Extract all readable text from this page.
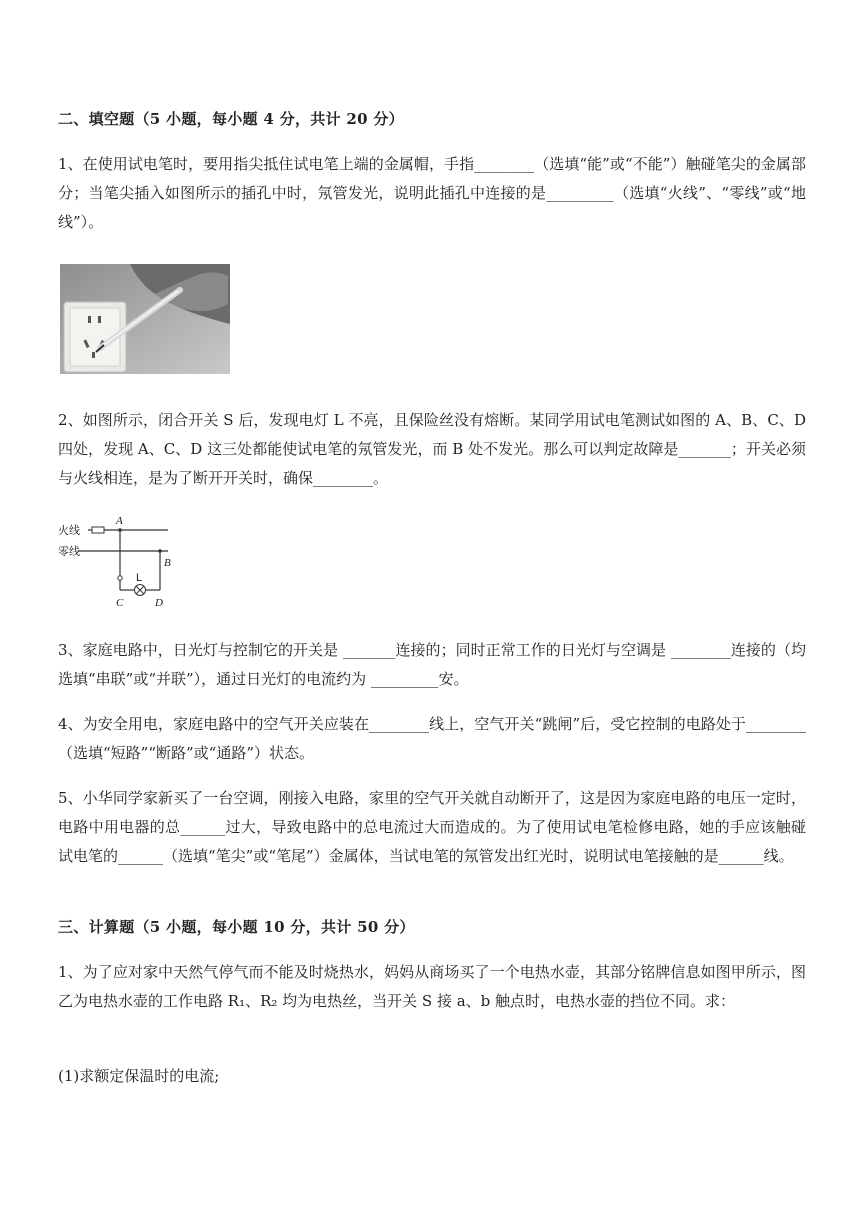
二、填空题（5 小题，每小题 4 分，共计 20 分）
1、在使用试电笔时，要用指尖抵住试电笔上端的金属帽，手指________（选填“能”或“不能”）触碰笔尖的金属部分；当笔尖插入如图所示的插孔中时，氖管发光，说明此插孔中连接的是_________（选填“火线”、“零线”或“地线”）。
2、如图所示，闭合开关 S 后，发现电灯 L 不亮，且保险丝没有熔断。某同学用试电笔测试如图的 A、B、C、D 四处，发现 A、C、D 这三处都能使试电笔的氖管发光，而 B 处不发光。那么可以判定故障是_______；开关必须与火线相连，是为了断开开关时，确保________。
火线
零线
A
B
C	D
L
3、家庭电路中，日光灯与控制它的开关是 _______连接的；同时正常工作的日光灯与空调是 ________连接的（均选填“串联”或“并联”），通过日光灯的电流约为 _________安。
4、为安全用电，家庭电路中的空气开关应装在________线上，空气开关“跳闸”后，受它控制的电路处于________（选填“短路”“断路”或“通路”）状态。
5、小华同学家新买了一台空调，刚接入电路，家里的空气开关就自动断开了，这是因为家庭电路的电压一定时，电路中用电器的总______过大，导致电路中的总电流过大而造成的。为了使用试电笔检修电路，她的手应该触碰试电笔的______（选填“笔尖”或“笔尾”）金属体，当试电笔的氖管发出红光时，说明试电笔接触的是______线。
三、计算题（5 小题，每小题 10 分，共计 50 分）
1、为了应对家中天然气停气而不能及时烧热水，妈妈从商场买了一个电热水壶，其部分铭牌信息如图甲所示，图乙为电热水壶的工作电路 R₁、R₂ 均为电热丝，当开关 S 接 a、b 触点时，电热水壶的挡位不同。求：
(1)求额定保温时的电流;
